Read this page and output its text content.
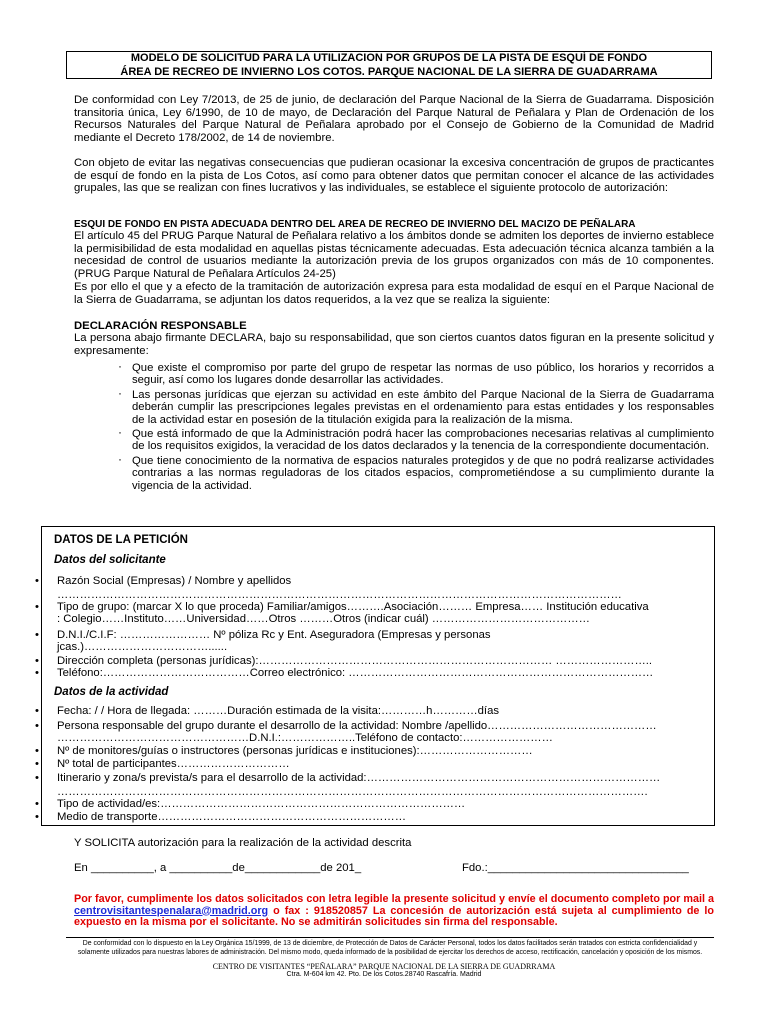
MODELO DE SOLICITUD PARA LA UTILIZACION POR GRUPOS DE LA PISTA DE ESQUÍ DE FONDO
ÁREA DE RECREO DE INVIERNO LOS COTOS. PARQUE NACIONAL DE LA SIERRA DE GUADARRAMA
De conformidad con Ley 7/2013, de 25 de junio, de declaración del Parque Nacional de la Sierra de Guadarrama. Disposición transitoria única, Ley 6/1990, de 10 de mayo, de Declaración del Parque Natural de Peñalara y Plan de Ordenación de los Recursos Naturales del Parque Natural de Peñalara aprobado por el Consejo de Gobierno de la Comunidad de Madrid mediante el Decreto 178/2002, de 14 de noviembre.
Con objeto de evitar las negativas consecuencias que pudieran ocasionar la excesiva concentración de grupos de practicantes de esquí de fondo en la pista de Los Cotos, así como para obtener datos que permitan conocer el alcance de las actividades grupales, las que se realizan con fines lucrativos y las individuales, se establece el siguiente protocolo de autorización:
ESQUI DE FONDO EN PISTA ADECUADA DENTRO DEL AREA DE RECREO DE INVIERNO DEL MACIZO DE PEÑALARA
El artículo 45 del PRUG Parque Natural de Peñalara relativo a los ámbitos donde se admiten los deportes de invierno establece la permisibilidad de esta modalidad en aquellas pistas técnicamente adecuadas. Esta adecuación técnica alcanza también a la necesidad de control de usuarios mediante la autorización previa de los grupos organizados con más de 10 componentes. (PRUG Parque Natural de Peñalara Artículos 24-25)
Es por ello el que y a efecto de la tramitación de autorización expresa para esta modalidad de esquí en el Parque Nacional de la Sierra de Guadarrama, se adjuntan los datos requeridos, a la vez que se realiza la siguiente:
DECLARACIÓN RESPONSABLE
La persona abajo firmante DECLARA, bajo su responsabilidad, que son ciertos cuantos datos figuran en la presente solicitud y expresamente:
· Que existe el compromiso por parte del grupo de respetar las normas de uso público, los horarios y recorridos a seguir, así como los lugares donde desarrollar las actividades.
· Las personas jurídicas que ejerzan su actividad en este ámbito del Parque Nacional de la Sierra de Guadarrama deberán cumplir las prescripciones legales previstas en el ordenamiento para estas entidades y los responsables de la actividad estar en posesión de la titulación exigida para la realización de la misma.
· Que está informado de que la Administración podrá hacer las comprobaciones necesarias relativas al cumplimiento de los requisitos exigidos, la veracidad de los datos declarados y la tenencia de la correspondiente documentación.
· Que tiene conocimiento de la normativa de espacios naturales protegidos y de que no podrá realizarse actividades contrarias a las normas reguladoras de los citados espacios, comprometiéndose a su cumplimiento durante la vigencia de la actividad.
DATOS DE LA PETICIÓN
Datos del solicitante
Datos de la actividad
• Razón Social (Empresas) / Nombre y apellidos
……………………………………………………………………………………………………………………………………
• Tipo de grupo: (marcar X lo que proceda) Familiar/amigos……….Asociación……… Empresa…… Institución educativa
: Colegio……Instituto……Universidad……Otros ………Otros (indicar cuál) ……………………………………
• D.N.I./C.I.F: …………………… Nº póliza Rc y Ent. Aseguradora (Empresas y personas
jcas.)……………………………......
• Dirección completa (personas jurídicas):…………………………………………………………………… ……………………..
• Teléfono:…………………………………Correo electrónico: ………………………………………………………………………
• Fecha: / / Hora de llegada: ………Duración estimada de la visita:…………h…………días
• Persona responsable del grupo durante el desarrollo de la actividad: Nombre /apellido………………………………………
……………………………………………D.N.I.:………………..Teléfono de contacto:……………………
• Nº de monitores/guías o instructores (personas jurídicas e instituciones):…………………………
• Nº total de participantes…………………………
• Itinerario y zona/s prevista/s para el desarrollo de la actividad:……………………………………………………………………
………………………………………………………………………………………………………………………………………….
• Tipo de actividad/es:………………………………………………………………………
• Medio de transporte…………………………………………………………
Y SOLICITA autorización para la realización de la actividad descrita
En __________, a __________de____________de 201_	Fdo.:________________________________
Por favor, cumplimente los datos solicitados con letra legible la presente solicitud y envíe el documento completo por mail a centrovisitantespenalara@madrid.org o fax : 918520857 La concesión de autorización está sujeta al cumplimiento de lo expuesto en la misma por el solicitante. No se admitirán solicitudes sin firma del responsable.
De conformidad con lo dispuesto en la Ley Orgánica 15/1999, de 13 de diciembre, de Protección de Datos de Carácter Personal, todos los datos facilitados serán tratados con estricta confidencialidad y solamente utilizados para nuestras labores de administración. Del mismo modo, queda informado de la posibilidad de ejercitar los derechos de acceso, rectificación, cancelación y oposición de los mismos.
CENTRO DE VISITANTES “PEÑALARA” PARQUE NACIONAL DE LA SIERRA DE GUADRRAMA
Ctra. M-604 km 42. Pto. De los Cotos.28740 Rascafría. Madrid
